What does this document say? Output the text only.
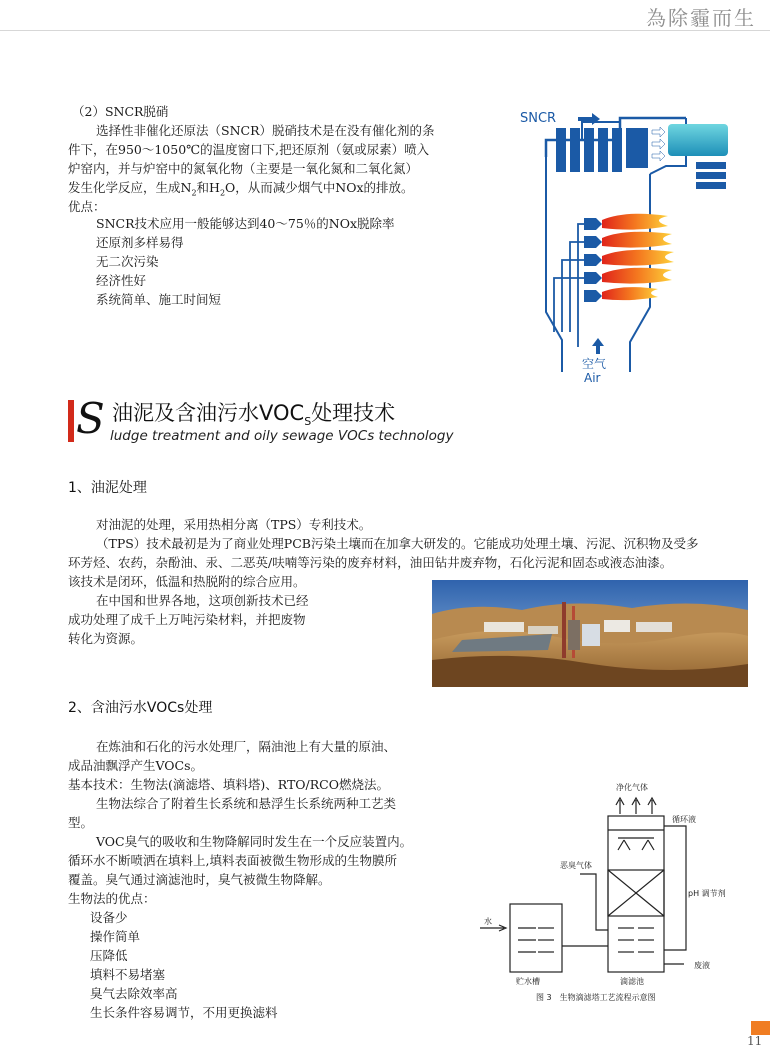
為除霾而生
（2）SNCR脱硝
选择性非催化还原法（SNCR）脱硝技术是在没有催化剂的条
件下，在950～1050℃的温度窗口下,把还原剂（氨或尿素）喷入
炉窑内，并与炉窑中的氮氧化物（主要是一氧化氮和二氧化氮）
发生化学反应，生成$N_2$和$H_2O$，从而减少烟气中NOx的排放。
优点：
SNCR技术应用一般能够达到40～75％的NOx脱除率
还原剂多样易得
无二次污染
经济性好
系统简单、施工时间短
SNCR
空气
Air
S 油泥及含油污水$VOC_S$处理技术
ludge treatment and oily sewage VOCs technology
1、油泥处理
对油泥的处理，采用热相分离（TPS）专利技术。
（TPS）技术最初是为了商业处理PCB污染土壤而在加拿大研发的。它能成功处理土壤、污泥、沉积物及受多
环芳烃、农药，杂酚油、汞、二恶英/呋喃等污染的废弃材料，油田钻井废弃物，石化污泥和固态或液态油漆。
该技术是闭环，低温和热脱附的综合应用。
在中国和世界各地，这项创新技术已经
成功处理了成千上万吨污染材料，并把废物
转化为资源。
2、含油污水VOCs处理
在炼油和石化的污水处理厂，隔油池上有大量的原油、
成品油飘浮产生VOCs。
基本技术：生物法(滴滤塔、填料塔)、RTO/RCO燃烧法。
生物法综合了附着生长系统和悬浮生长系统两种工艺类
型。
VOC臭气的吸收和生物降解同时发生在一个反应装置内。
循环水不断喷洒在填料上,填料表面被微生物形成的生物膜所
覆盖。臭气通过滴滤池时，臭气被微生物降解。
生物法的优点：
设备少
操作简单
压降低
填料不易堵塞
臭气去除效率高
生长条件容易调节，不用更换滤料
净化气体
循环液
恶臭气体
pH 调节剂
水
废液
贮水槽	滴滤池
图 3　生物滴滤塔工艺流程示意图
11
